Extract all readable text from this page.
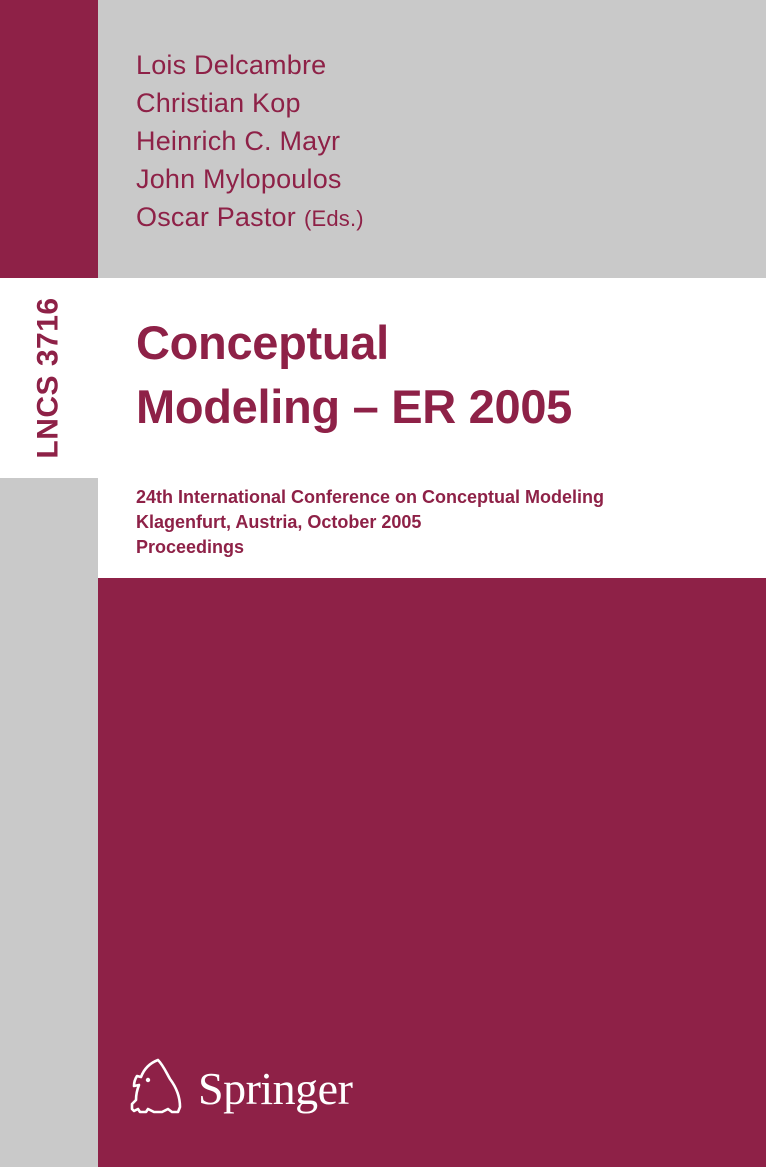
LNCS 3716
Lois Delcambre
Christian Kop
Heinrich C. Mayr
John Mylopoulos
Oscar Pastor (Eds.)
Conceptual
Modeling – ER 2005
24th International Conference on Conceptual Modeling
Klagenfurt, Austria, October 2005
Proceedings
Springer
